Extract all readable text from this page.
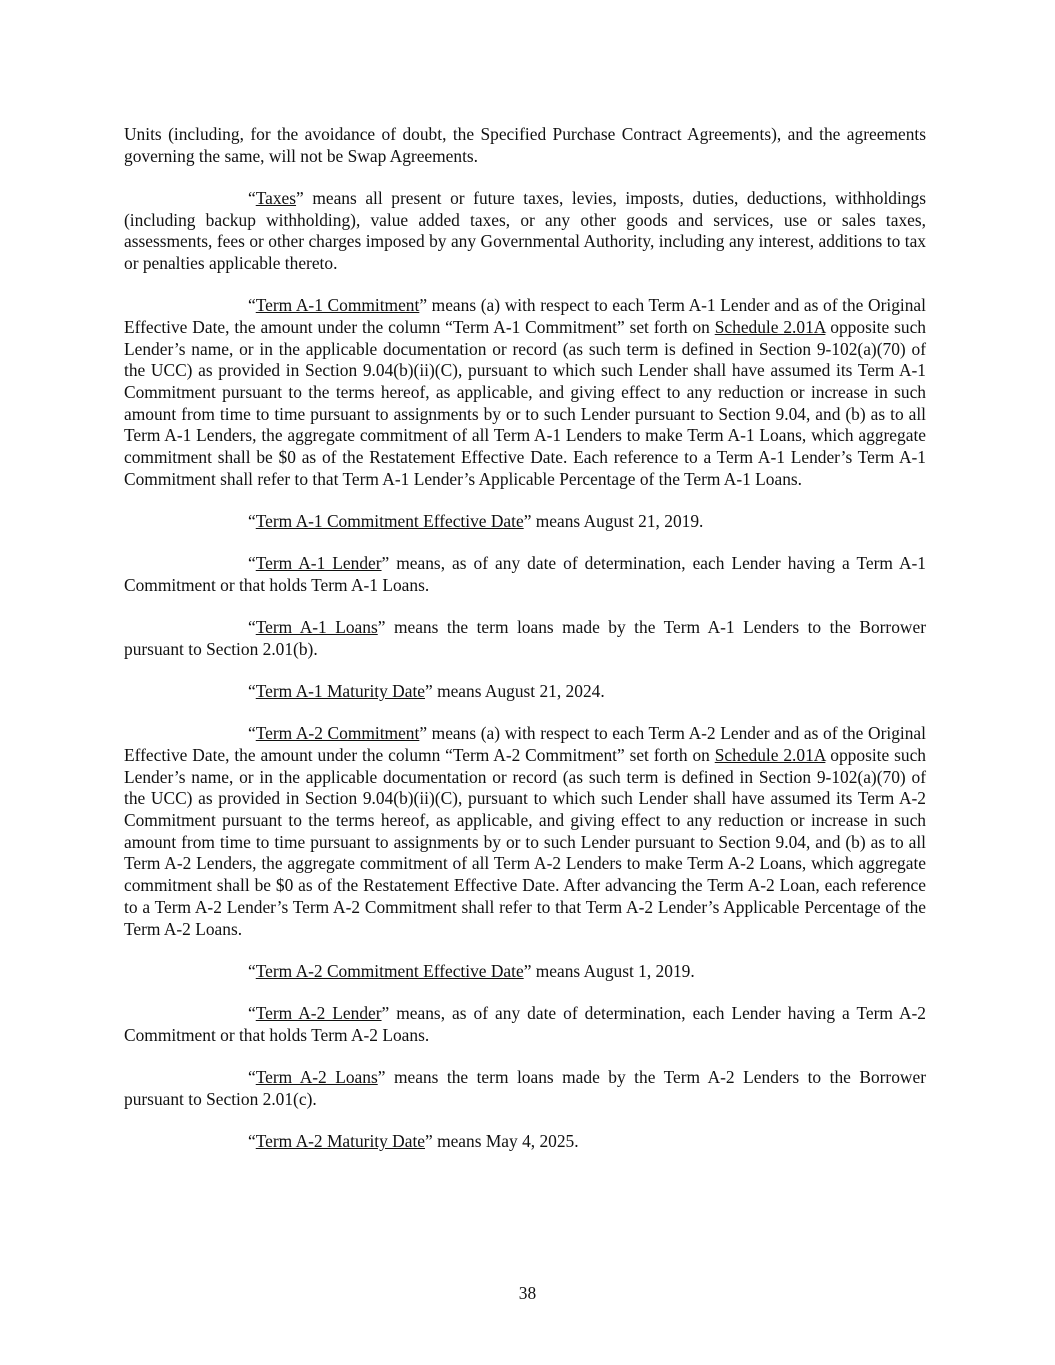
Units (including, for the avoidance of doubt, the Specified Purchase Contract Agreements), and the agreements governing the same, will not be Swap Agreements.

“Taxes” means all present or future taxes, levies, imposts, duties, deductions, withholdings (including backup withholding), value added taxes, or any other goods and services, use or sales taxes, assessments, fees or other charges imposed by any Governmental Authority, including any interest, additions to tax or penalties applicable thereto.

“Term A-1 Commitment” means (a) with respect to each Term A-1 Lender and as of the Original Effective Date, the amount under the column “Term A-1 Commitment” set forth on Schedule 2.01A opposite such Lender’s name, or in the applicable documentation or record (as such term is defined in Section 9-102(a)(70) of the UCC) as provided in Section 9.04(b)(ii)(C), pursuant to which such Lender shall have assumed its Term A-1 Commitment pursuant to the terms hereof, as applicable, and giving effect to any reduction or increase in such amount from time to time pursuant to assignments by or to such Lender pursuant to Section 9.04, and (b) as to all Term A-1 Lenders, the aggregate commitment of all Term A-1 Lenders to make Term A-1 Loans, which aggregate commitment shall be $0 as of the Restatement Effective Date. Each reference to a Term A-1 Lender’s Term A-1 Commitment shall refer to that Term A-1 Lender’s Applicable Percentage of the Term A-1 Loans.

“Term A-1 Commitment Effective Date” means August 21, 2019.

“Term A-1 Lender” means, as of any date of determination, each Lender having a Term A-1 Commitment or that holds Term A-1 Loans.

“Term A-1 Loans” means the term loans made by the Term A-1 Lenders to the Borrower pursuant to Section 2.01(b).

“Term A-1 Maturity Date” means August 21, 2024.

“Term A-2 Commitment” means (a) with respect to each Term A-2 Lender and as of the Original Effective Date, the amount under the column “Term A-2 Commitment” set forth on Schedule 2.01A opposite such Lender’s name, or in the applicable documentation or record (as such term is defined in Section 9-102(a)(70) of the UCC) as provided in Section 9.04(b)(ii)(C), pursuant to which such Lender shall have assumed its Term A-2 Commitment pursuant to the terms hereof, as applicable, and giving effect to any reduction or increase in such amount from time to time pursuant to assignments by or to such Lender pursuant to Section 9.04, and (b) as to all Term A-2 Lenders, the aggregate commitment of all Term A-2 Lenders to make Term A-2 Loans, which aggregate commitment shall be $0 as of the Restatement Effective Date. After advancing the Term A-2 Loan, each reference to a Term A-2 Lender’s Term A-2 Commitment shall refer to that Term A-2 Lender’s Applicable Percentage of the Term A-2 Loans.

“Term A-2 Commitment Effective Date” means August 1, 2019.

“Term A-2 Lender” means, as of any date of determination, each Lender having a Term A-2 Commitment or that holds Term A-2 Loans.

“Term A-2 Loans” means the term loans made by the Term A-2 Lenders to the Borrower pursuant to Section 2.01(c).

“Term A-2 Maturity Date” means May 4, 2025.

38
